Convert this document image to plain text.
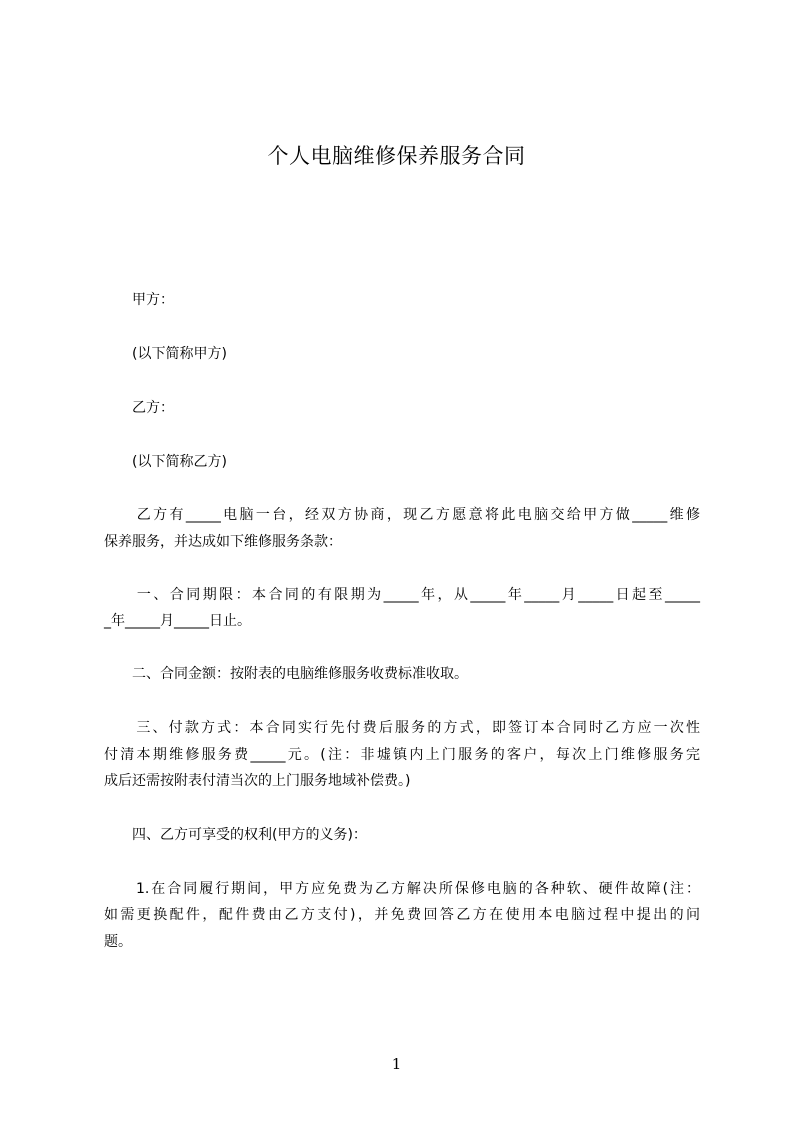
个人电脑维修保养服务合同
　　甲方：
　　(以下简称甲方)
　　乙方：
　　(以下简称乙方)
　　乙方有_____电脑一台，经双方协商，现乙方愿意将此电脑交给甲方做_____维修
保养服务，并达成如下维修服务条款：
　　一、合同期限：本合同的有限期为_____年，从_____年_____月_____日起至_____
_年_____月_____日止。
　　二、合同金额：按附表的电脑维修服务收费标准收取。
　　三、付款方式：本合同实行先付费后服务的方式，即签订本合同时乙方应一次性
付清本期维修服务费_____元。(注：非墟镇内上门服务的客户，每次上门维修服务完
成后还需按附表付清当次的上门服务地域补偿费。)
　　四、乙方可享受的权利(甲方的义务)：
　　1.在合同履行期间，甲方应免费为乙方解决所保修电脑的各种软、硬件故障(注：
如需更换配件，配件费由乙方支付)，并免费回答乙方在使用本电脑过程中提出的问
题。
1
